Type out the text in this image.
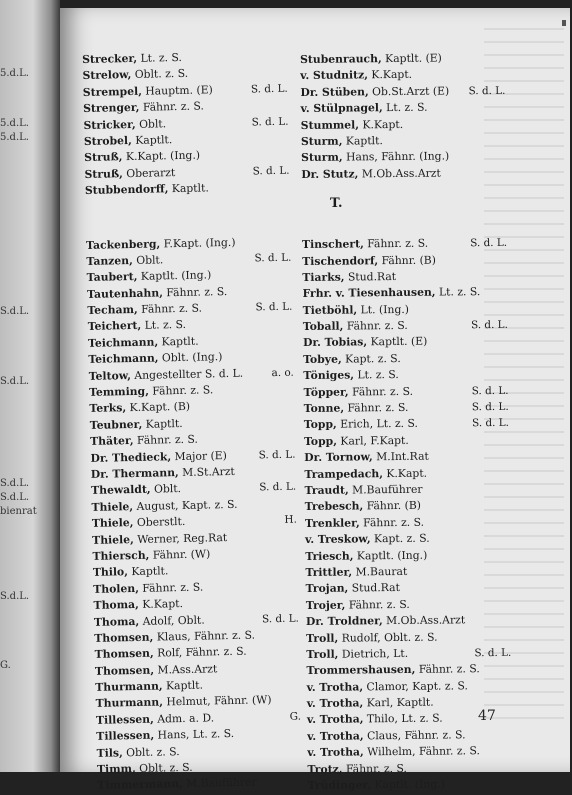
Strecker, Lt. z. S.
Strelow, Oblt. z. S.
Strempel, Hauptm. (E)	S. d. L.
Strenger, Fähnr. z. S.
Stricker, Oblt.	S. d. L.
Strobel, Kaptlt.
Struß, K.Kapt. (Ing.)
Struß, Oberarzt	S. d. L.
Stubbendorff, Kaptlt.
Tackenberg, F.Kapt. (Ing.)
Tanzen, Oblt.	S. d. L.
Taubert, Kaptlt. (Ing.)
Tautenhahn, Fähnr. z. S.
Techam, Fähnr. z. S.	S. d. L.
Teichert, Lt. z. S.
Teichmann, Kaptlt.
Teichmann, Oblt. (Ing.)
Teltow, Angestellter S. d. L.	a. o.
Temming, Fähnr. z. S.
Terks, K.Kapt. (B)
Teubner, Kaptlt.
Thäter, Fähnr. z. S.
Dr. Thedieck, Major (E)	S. d. L.
Dr. Thermann, M.St.Arzt
Thewaldt, Oblt.	S. d. L.
Thiele, August, Kapt. z. S.
Thiele, Oberstlt.	H.
Thiele, Werner, Reg.Rat
Thiersch, Fähnr. (W)
Thilo, Kaptlt.
Tholen, Fähnr. z. S.
Thoma, K.Kapt.
Thoma, Adolf, Oblt.	S. d. L.
Thomsen, Klaus, Fähnr. z. S.
Thomsen, Rolf, Fähnr. z. S.
Thomsen, M.Ass.Arzt
Thurmann, Kaptlt.
Thurmann, Helmut, Fähnr. (W)
Tillessen, Adm. a. D.	G.
Tillessen, Hans, Lt. z. S.
Tils, Oblt. z. S.
Timm, Oblt. z. S.
Timmermann, M.Bauführer
T.
Stubenrauch, Kaptlt. (E)
v. Studnitz, K.Kapt.
Dr. Stüben, Ob.St.Arzt (E) S. d. L.
v. Stülpnagel, Lt. z. S.
Stummel, K.Kapt.
Sturm, Kaptlt.
Sturm, Hans, Fähnr. (Ing.)
Dr. Stutz, M.Ob.Ass.Arzt
Tinschert, Fähnr. z. S.	S. d. L.
Tischendorf, Fähnr. (B)
Tiarks, Stud.Rat
Frhr. v. Tiesenhausen, Lt. z. S.
Tietböhl, Lt. (Ing.)
Toball, Fähnr. z. S.	S. d. L.
Dr. Tobias, Kaptlt. (E)
Tobye, Kapt. z. S.
Töniges, Lt. z. S.
Töpper, Fähnr. z. S.	S. d. L.
Tonne, Fähnr. z. S.	S. d. L.
Topp, Erich, Lt. z. S.	S. d. L.
Topp, Karl, F.Kapt.
Dr. Tornow, M.Int.Rat
Trampedach, K.Kapt.
Traudt, M.Bauführer
Trebesch, Fähnr. (B)
Trenkler, Fähnr. z. S.
v. Treskow, Kapt. z. S.
Triesch, Kaptlt. (Ing.)
Trittler, M.Baurat
Trojan, Stud.Rat
Trojer, Fähnr. z. S.
Dr. Troldner, M.Ob.Ass.Arzt
Troll, Rudolf, Oblt. z. S.
Troll, Dietrich, Lt.	S. d. L.
Trommershausen, Fähnr. z. S.
v. Trotha, Clamor, Kapt. z. S.
v. Trotha, Karl, Kaptlt.
v. Trotha, Thilo, Lt. z. S.
v. Trotha, Claus, Fähnr. z. S.
v. Trotha, Wilhelm, Fähnr. z. S.
Trotz, Fähnr. z. S.
Trüdinger, Kaptlt. (Ing.)
47
5.d.L.
5.d.L.
5.d.L.
S.d.L.
S.d.L.
S.d.L.
S.d.L.
bienrat
S.d.L.
G.
